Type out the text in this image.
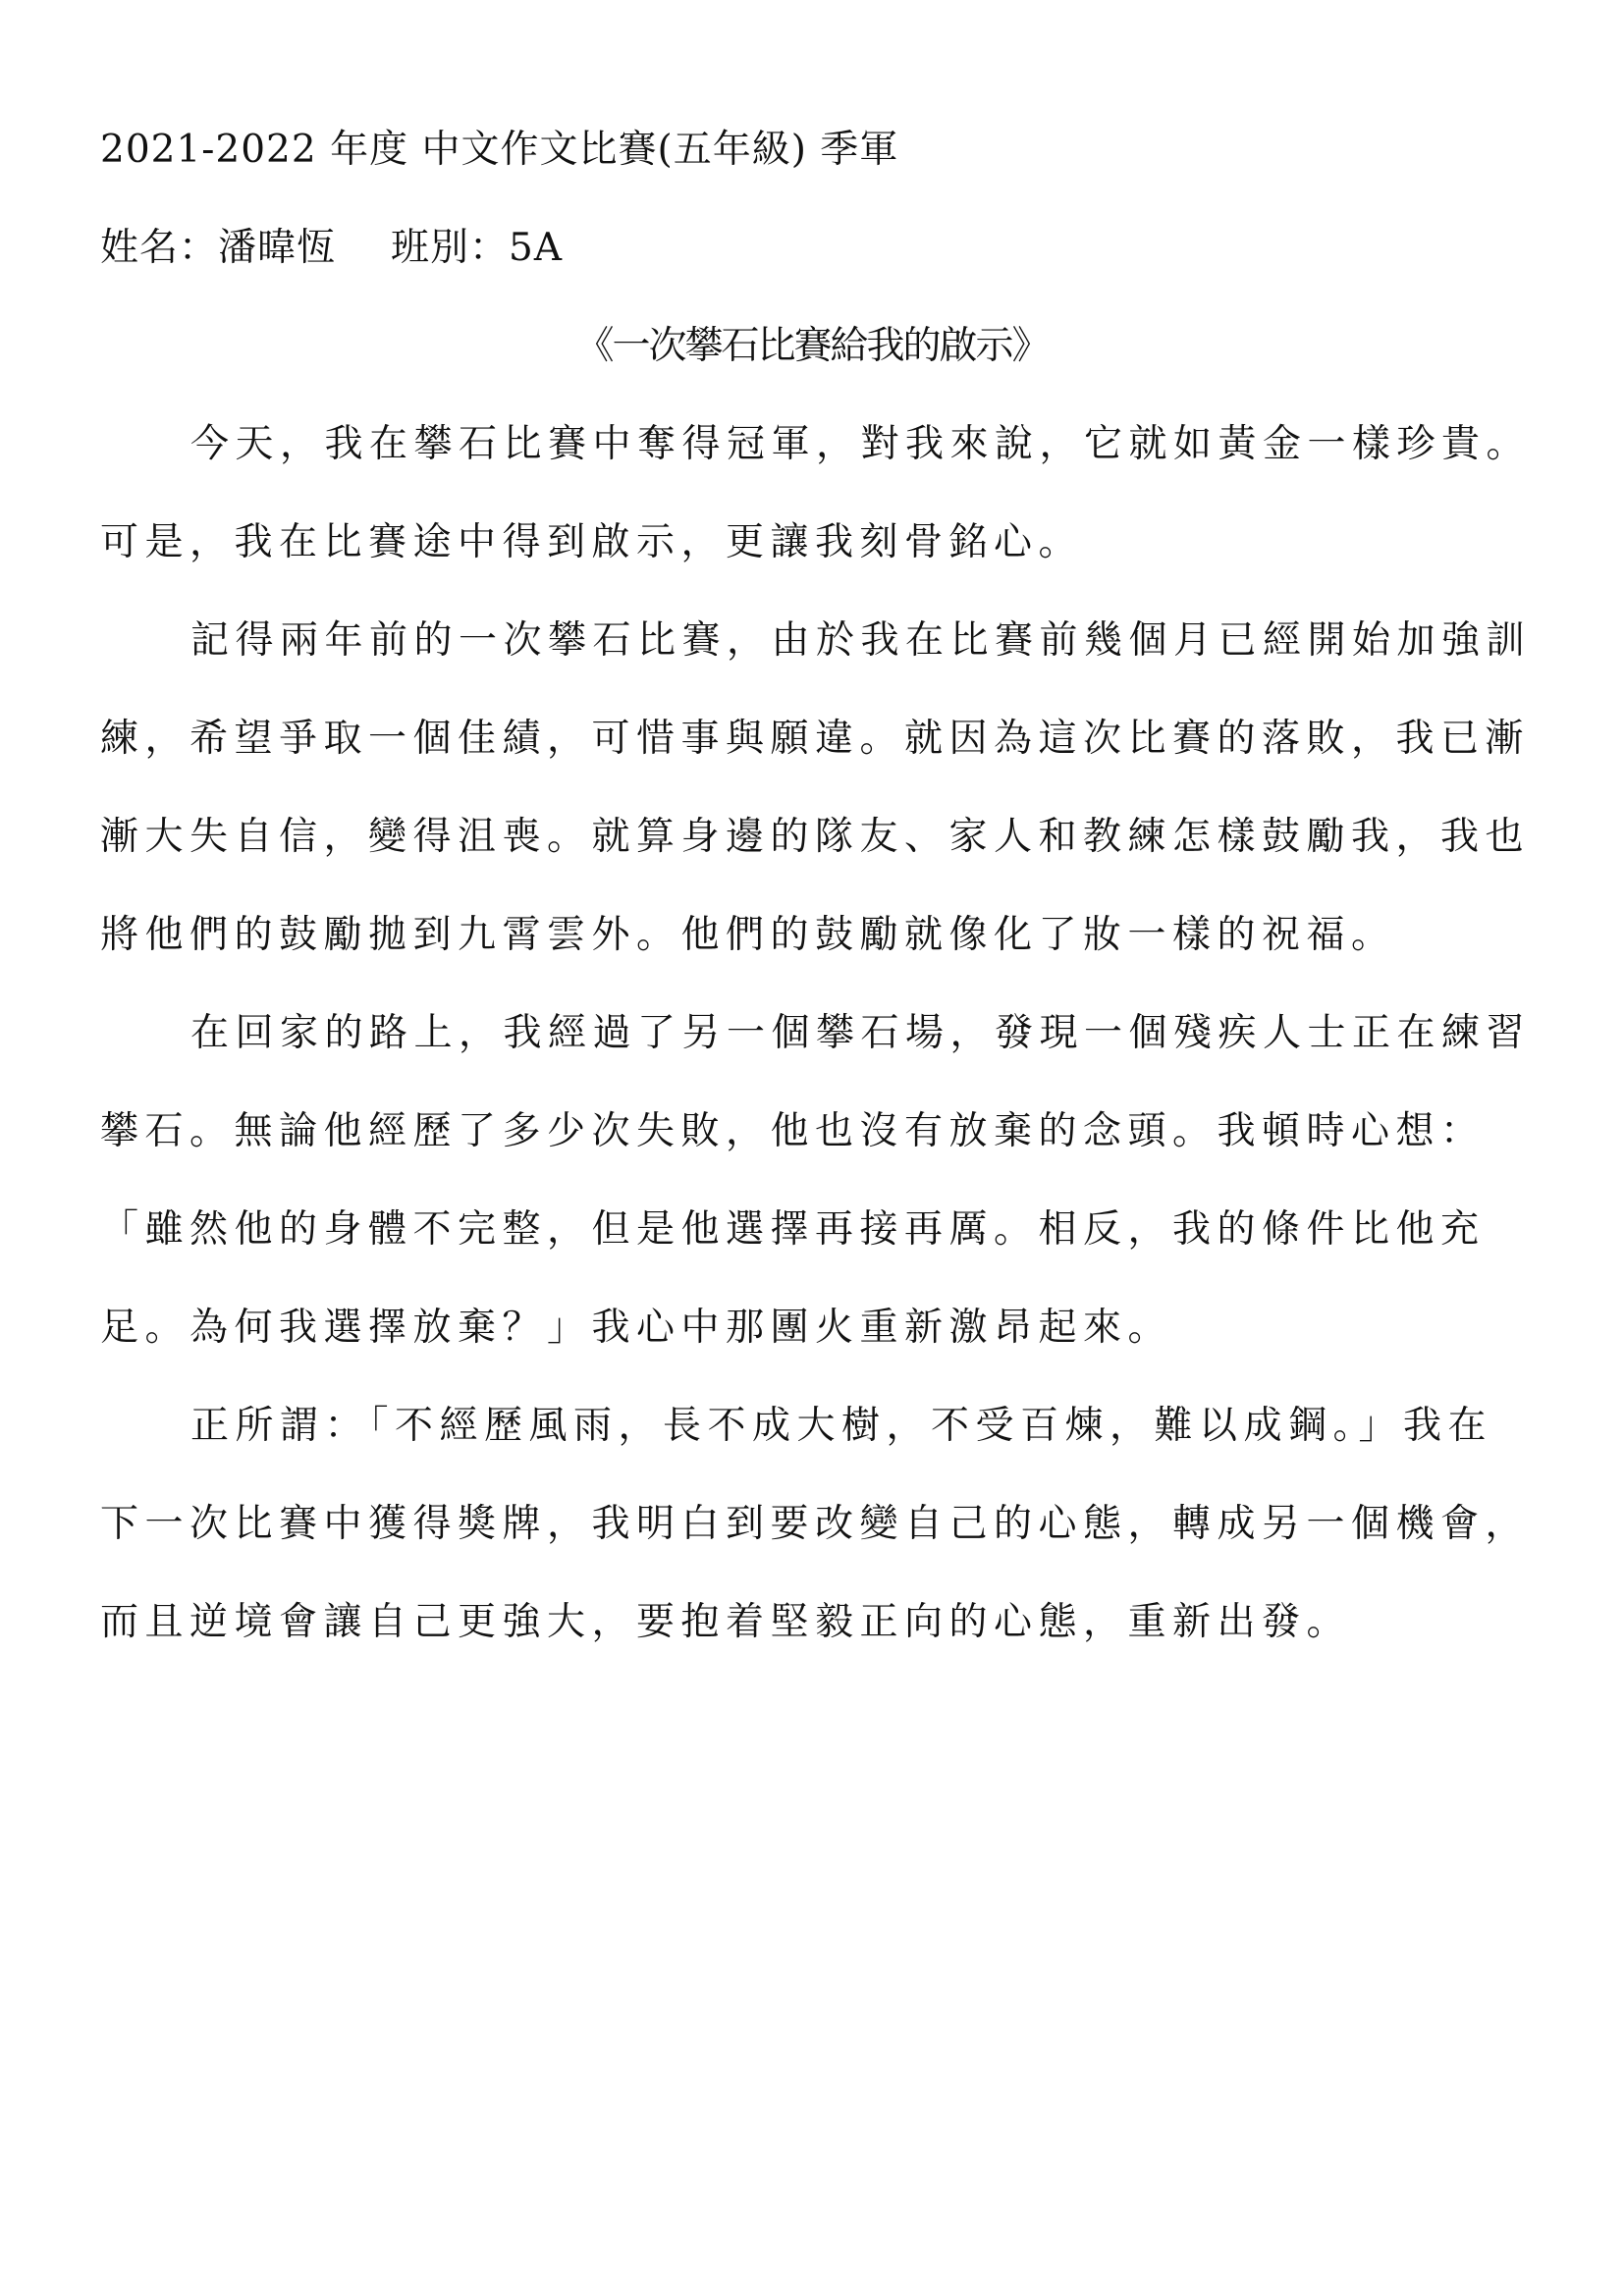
2021-2022 年度 中文作文比賽(五年級) 季軍
姓名：潘暐恆 班別：5A
《一次攀石比賽給我的啟示》
今天，我在攀石比賽中奪得冠軍，對我來說，它就如黃金一樣珍貴。
可是，我在比賽途中得到啟示，更讓我刻骨銘心。
記得兩年前的一次攀石比賽，由於我在比賽前幾個月已經開始加強訓
練，希望爭取一個佳績，可惜事與願違。就因為這次比賽的落敗，我已漸
漸大失自信，變得沮喪。就算身邊的隊友、家人和教練怎樣鼓勵我，我也
將他們的鼓勵拋到九霄雲外。他們的鼓勵就像化了妝一樣的祝福。
在回家的路上，我經過了另一個攀石場，發現一個殘疾人士正在練習
攀石。無論他經歷了多少次失敗，他也沒有放棄的念頭。我頓時心想：
「雖然他的身體不完整，但是他選擇再接再厲。相反，我的條件比他充
足。為何我選擇放棄？」我心中那團火重新激昂起來。
正所謂：「不經歷風雨，長不成大樹，不受百煉，難以成鋼。」我在
下一次比賽中獲得獎牌，我明白到要改變自己的心態，轉成另一個機會，
而且逆境會讓自己更強大，要抱着堅毅正向的心態，重新出發。
